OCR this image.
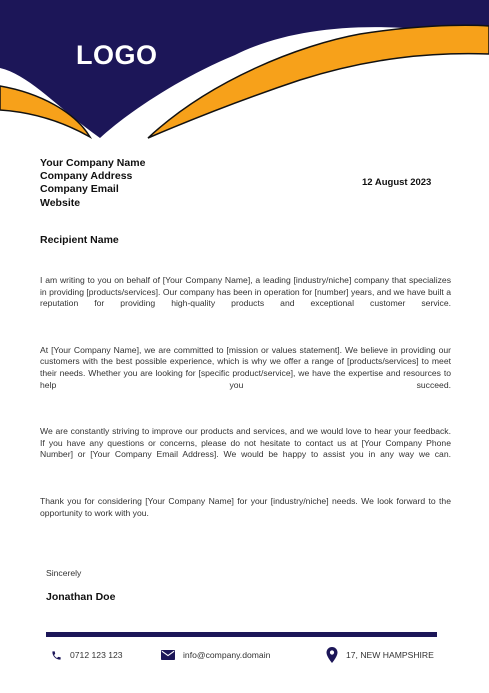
LOGO
Your Company Name
Company Address
Company Email
Website
12 August 2023
Recipient Name

I am writing to you on behalf of [Your Company Name], a leading [industry/niche] company that specializes in providing [products/services]. Our company has been in operation for [number] years, and we have built a reputation for providing high-quality products and exceptional customer service.

At [Your Company Name], we are committed to [mission or values statement]. We believe in providing our customers with the best possible experience, which is why we offer a range of [products/services] to meet their needs. Whether you are looking for [specific product/service], we have the expertise and resources to help you succeed.

We are constantly striving to improve our products and services, and we would love to hear your feedback. If you have any questions or concerns, please do not hesitate to contact us at [Your Company Phone Number] or [Your Company Email Address]. We would be happy to assist you in any way we can.

Thank you for considering [Your Company Name] for your [industry/niche] needs. We look forward to the opportunity to work with you.

Sincerely
Jonathan Doe
0712 123 123	info@company.domain	17, NEW HAMPSHIRE
